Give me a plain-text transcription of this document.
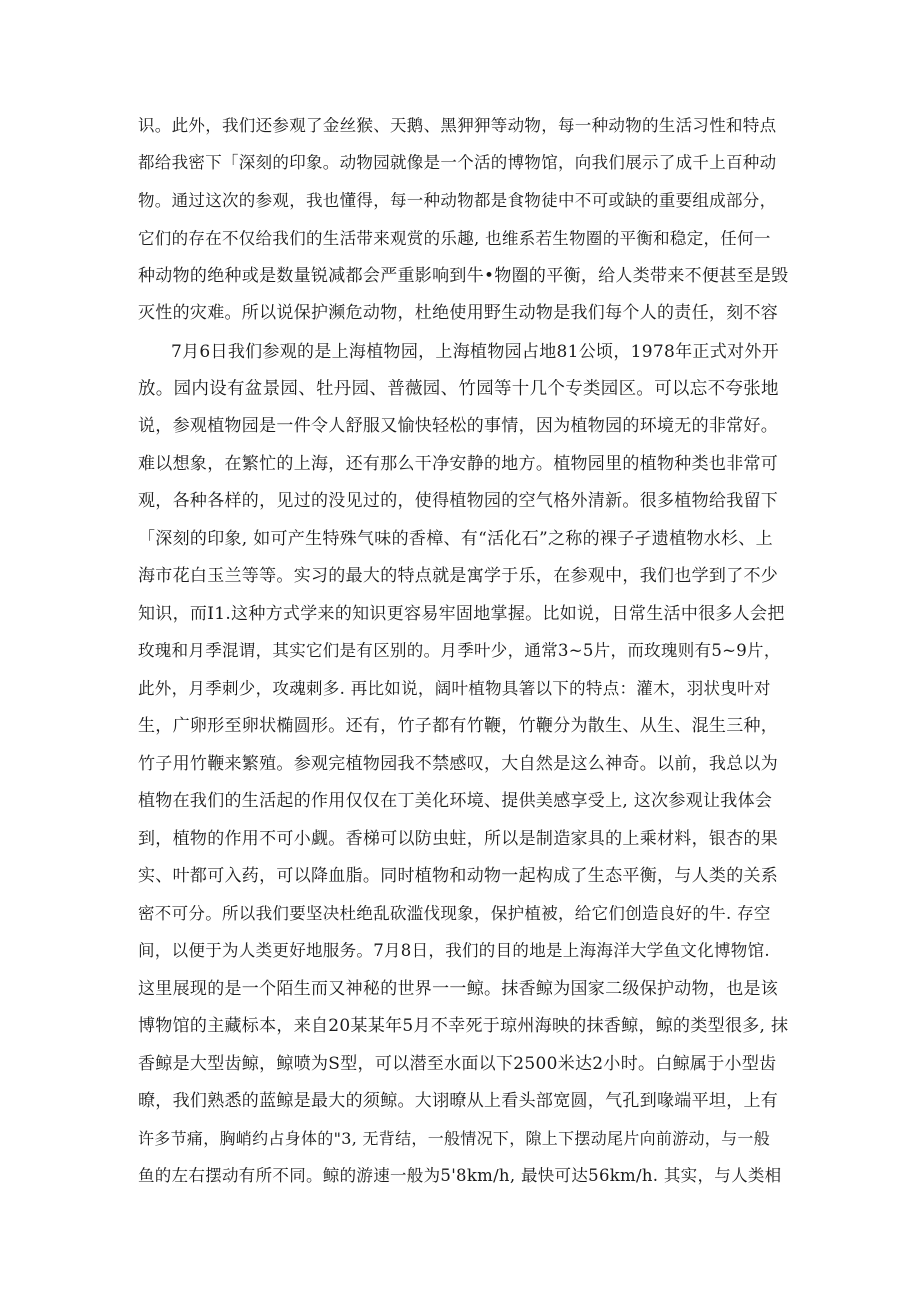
识。此外，我们还参观了金丝猴、天鹅、黑狎狎等动物，每一种动物的生活习性和特点
都给我密下「深刻的印象。动物园就像是一个活的博物馆，向我们展示了成千上百种动
物。通过这次的参观，我也懂得，每一种动物都是食物徒中不可或缺的重要组成部分，
它们的存在不仅给我们的生活带来观赏的乐趣, 也维系若生物圈的平衡和稳定，任何一
种动物的绝种或是数量锐减都会严重影响到牛•物圈的平衡，给人类带来不便甚至是毁
灭性的灾难。所以说保护濒危动物，杜绝使用野生动物是我们每个人的责任，刻不容
7月6日我们参观的是上海植物园，上海植物园占地81公顷，1978年正式对外开
放。园内设有盆景园、牡丹园、普薇园、竹园等十几个专类园区。可以忘不夸张地
说，参观植物园是一件令人舒服又愉快轻松的事情，因为植物园的环境无的非常好。
难以想象，在繁忙的上海，还有那么干净安静的地方。植物园里的植物种类也非常可
观，各种各样的，见过的没见过的，使得植物园的空气格外清新。很多植物给我留下
「深刻的印象, 如可产生特殊气味的香樟、有“活化石”之称的裸子孑遗植物水杉、上
海市花白玉兰等等。实习的最大的特点就是寓学于乐，在参观中，我们也学到了不少
知识，而I1.这种方式学来的知识更容易牢固地掌握。比如说，日常生活中很多人会把
玫瑰和月季混谓，其实它们是有区别的。月季叶少，通常3~5片，而玫瑰则有5~9片，
此外，月季刺少，攻魂刺多. 再比如说，阔叶植物具箸以下的特点：灌木，羽状曳叶对
生，广卵形至卵状椭圆形。还有，竹子都有竹鞭，竹鞭分为散生、从生、混生三种，
竹子用竹鞭来繁殖。参观完植物园我不禁感叹，大自然是这么神奇。以前，我总以为
植物在我们的生活起的作用仅仅在丁美化环境、提供美感享受上, 这次参观让我体会
到，植物的作用不可小觑。香梯可以防虫蛀，所以是制造家具的上乘材料，银杏的果
实、叶都可入药，可以降血脂。同时植物和动物一起构成了生态平衡，与人类的关系
密不可分。所以我们要坚决杜绝乱砍滥伐现象，保护植被，给它们创造良好的牛. 存空
间，以便于为人类更好地服务。7月8日，我们的目的地是上海海洋大学鱼文化博物馆.
这里展现的是一个陌生而又神秘的世界一一鲸。抹香鲸为国家二级保护动物，也是该
博物馆的主藏标本，来自20某某年5月不幸死于琼州海映的抹香鲸，鲸的类型很多, 抹
香鲸是大型齿鲸，鲸喷为S型，可以潜至水面以下2500米达2小时。白鲸属于小型齿
暸，我们熟悉的蓝鲸是最大的须鲸。大诩暸从上看头部宽圆，气孔到喙端平坦，上有
许多节痛，胸峭约占身体的"3, 无背结，一般情况下，隙上下摆动尾片向前游动，与一般
鱼的左右摆动有所不同。鲸的游速一般为5'8km∕h, 最快可达56km∕h. 其实，与人类相
